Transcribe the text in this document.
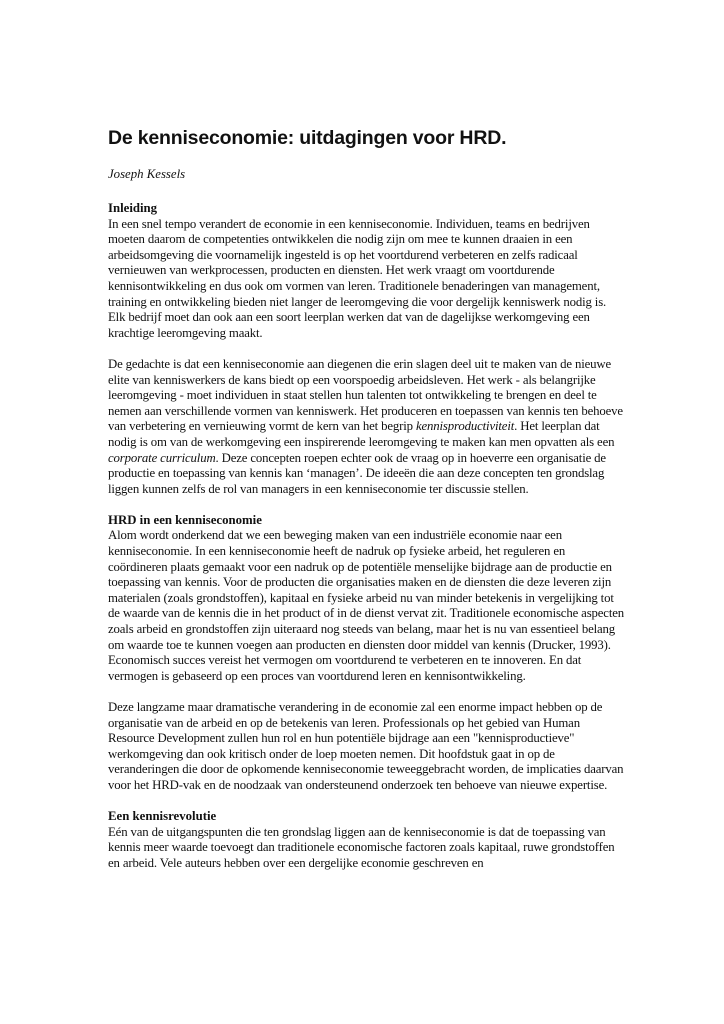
De kenniseconomie: uitdagingen voor HRD.
Joseph Kessels
Inleiding

In een snel tempo verandert de economie in een kenniseconomie. Individuen, teams en bedrijven moeten daarom de competenties ontwikkelen die nodig zijn om mee te kunnen draaien in een arbeidsomgeving die voornamelijk ingesteld is op het voortdurend verbeteren en zelfs radicaal vernieuwen van werkprocessen, producten en diensten. Het werk vraagt om voortdurende kennisontwikkeling en dus ook om vormen van leren. Traditionele benaderingen van management, training en ontwikkeling bieden niet langer de leeromgeving die voor dergelijk kenniswerk nodig is. Elk bedrijf moet dan ook aan een soort leerplan werken dat van de dagelijkse werkomgeving een krachtige leeromgeving maakt.

De gedachte is dat een kenniseconomie aan diegenen die erin slagen deel uit te maken van de nieuwe elite van kenniswerkers de kans biedt op een voorspoedig arbeidsleven. Het werk - als belangrijke leeromgeving - moet individuen in staat stellen hun talenten tot ontwikkeling te brengen en deel te nemen aan verschillende vormen van kenniswerk. Het produceren en toepassen van kennis ten behoeve van verbetering en vernieuwing vormt de kern van het begrip kennisproductiviteit. Het leerplan dat nodig is om van de werkomgeving een inspirerende leeromgeving te maken kan men opvatten als een corporate curriculum. Deze concepten roepen echter ook de vraag op in hoeverre een organisatie de productie en toepassing van kennis kan ‘managen’. De ideeën die aan deze concepten ten grondslag liggen kunnen zelfs de rol van managers in een kenniseconomie ter discussie stellen.

HRD in een kenniseconomie

Alom wordt onderkend dat we een beweging maken van een industriële economie naar een kenniseconomie. In een kenniseconomie heeft de nadruk op fysieke arbeid, het reguleren en coördineren plaats gemaakt voor een nadruk op de potentiële menselijke bijdrage aan de productie en toepassing van kennis. Voor de producten die organisaties maken en de diensten die deze leveren zijn materialen (zoals grondstoffen), kapitaal en fysieke arbeid nu van minder betekenis in vergelijking tot de waarde van de kennis die in het product of in de dienst vervat zit. Traditionele economische aspecten zoals arbeid en grondstoffen zijn uiteraard nog steeds van belang, maar het is nu van essentieel belang om waarde toe te kunnen voegen aan producten en diensten door middel van kennis (Drucker, 1993). Economisch succes vereist het vermogen om voortdurend te verbeteren en te innoveren. En dat vermogen is gebaseerd op een proces van voortdurend leren en kennisontwikkeling.

Deze langzame maar dramatische verandering in de economie zal een enorme impact hebben op de organisatie van de arbeid en op de betekenis van leren. Professionals op het gebied van Human Resource Development zullen hun rol en hun potentiële bijdrage aan een "kennisproductieve" werkomgeving dan ook kritisch onder de loep moeten nemen. Dit hoofdstuk gaat in op de veranderingen die door de opkomende kenniseconomie teweeggebracht worden, de implicaties daarvan voor het HRD-vak en de noodzaak van ondersteunend onderzoek ten behoeve van nieuwe expertise.

Een kennisrevolutie

Eén van de uitgangspunten die ten grondslag liggen aan de kenniseconomie is dat de toepassing van kennis meer waarde toevoegt dan traditionele economische factoren zoals kapitaal, ruwe grondstoffen en arbeid. Vele auteurs hebben over een dergelijke economie geschreven en
